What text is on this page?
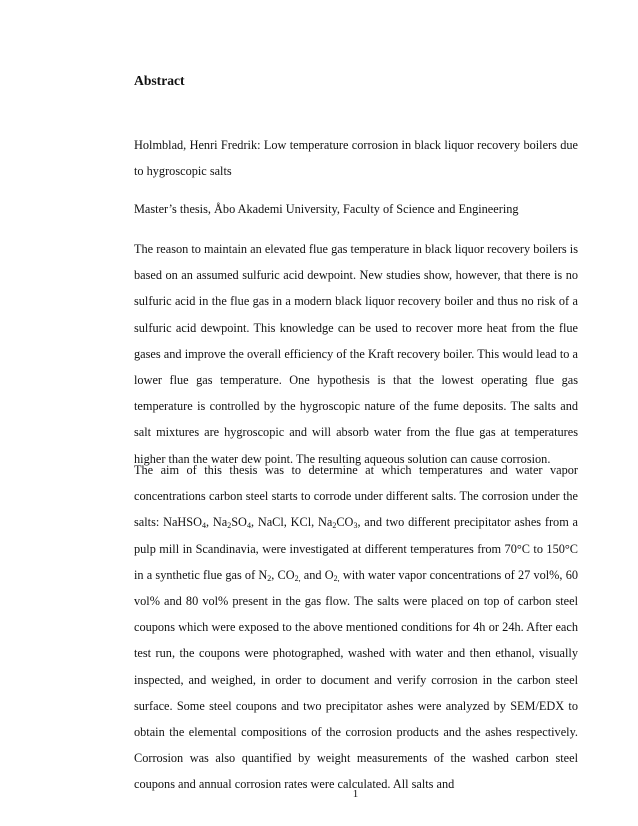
Abstract

Holmblad, Henri Fredrik: Low temperature corrosion in black liquor recovery boilers due to hygroscopic salts

Master’s thesis, Åbo Akademi University, Faculty of Science and Engineering

The reason to maintain an elevated flue gas temperature in black liquor recovery boilers is based on an assumed sulfuric acid dewpoint. New studies show, however, that there is no sulfuric acid in the flue gas in a modern black liquor recovery boiler and thus no risk of a sulfuric acid dewpoint. This knowledge can be used to recover more heat from the flue gases and improve the overall efficiency of the Kraft recovery boiler. This would lead to a lower flue gas temperature. One hypothesis is that the lowest operating flue gas temperature is controlled by the hygroscopic nature of the fume deposits. The salts and salt mixtures are hygroscopic and will absorb water from the flue gas at temperatures higher than the water dew point. The resulting aqueous solution can cause corrosion.

The aim of this thesis was to determine at which temperatures and water vapor concentrations carbon steel starts to corrode under different salts. The corrosion under the salts: NaHSO$_4$, $Na_2SO_4$, NaCl, KCl, $Na_2CO_3$, and two different precipitator ashes from a pulp mill in Scandinavia, were investigated at different temperatures from 70°C to 150°C in a synthetic flue gas of $N_2$, $CO_{2,}$ and $O_{2,}$ with water vapor concentrations of 27 vol%, 60 vol% and 80 vol% present in the gas flow. The salts were placed on top of carbon steel coupons which were exposed to the above mentioned conditions for 4h or 24h. After each test run, the coupons were photographed, washed with water and then ethanol, visually inspected, and weighed, in order to document and verify corrosion in the carbon steel surface. Some steel coupons and two precipitator ashes were analyzed by SEM/EDX to obtain the elemental compositions of the corrosion products and the ashes respectively. Corrosion was also quantified by weight measurements of the washed carbon steel coupons and annual corrosion rates were calculated. All salts and

1
